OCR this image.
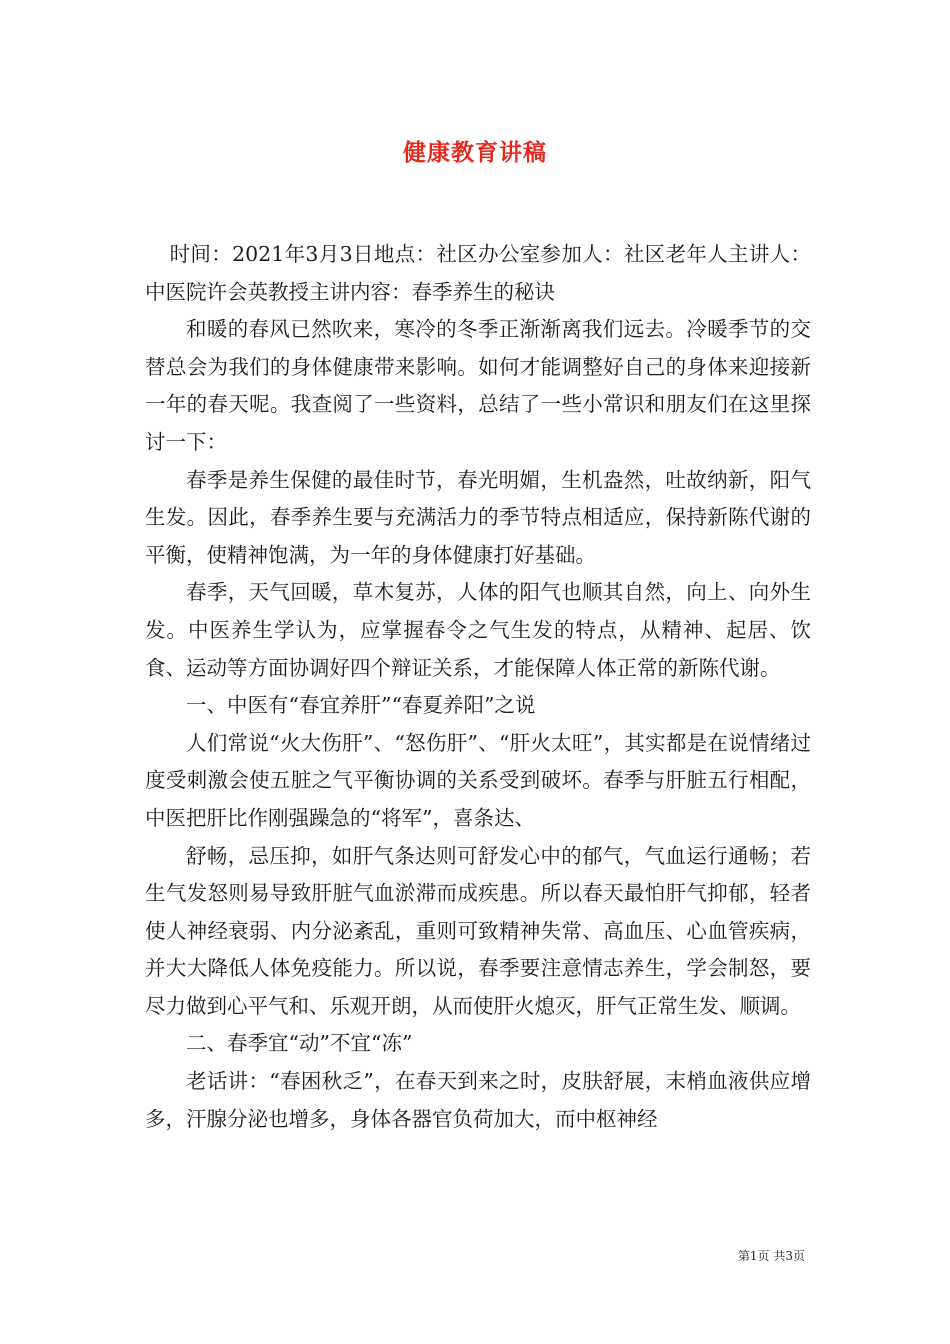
健康教育讲稿

时间：2021年3月3日地点：社区办公室参加人：社区老年人主讲人：中医院许会英教授主讲内容：春季养生的秘诀

和暖的春风已然吹来，寒冷的冬季正渐渐离我们远去。冷暖季节的交替总会为我们的身体健康带来影响。如何才能调整好自己的身体来迎接新一年的春天呢。我查阅了一些资料，总结了一些小常识和朋友们在这里探讨一下：

春季是养生保健的最佳时节，春光明媚，生机盎然，吐故纳新，阳气生发。因此，春季养生要与充满活力的季节特点相适应，保持新陈代谢的平衡，使精神饱满，为一年的身体健康打好基础。

春季，天气回暖，草木复苏，人体的阳气也顺其自然，向上、向外生发。中医养生学认为，应掌握春令之气生发的特点，从精神、起居、饮食、运动等方面协调好四个辩证关系，才能保障人体正常的新陈代谢。

一、中医有“春宜养肝”“春夏养阳”之说

人们常说“火大伤肝”、“怒伤肝”、“肝火太旺”，其实都是在说情绪过度受刺激会使五脏之气平衡协调的关系受到破坏。春季与肝脏五行相配，中医把肝比作刚强躁急的“将军”，喜条达、

舒畅，忌压抑，如肝气条达则可舒发心中的郁气，气血运行通畅；若生气发怒则易导致肝脏气血淤滞而成疾患。所以春天最怕肝气抑郁，轻者使人神经衰弱、内分泌紊乱，重则可致精神失常、高血压、心血管疾病，并大大降低人体免疫能力。所以说，春季要注意情志养生，学会制怒，要尽力做到心平气和、乐观开朗，从而使肝火熄灭，肝气正常生发、顺调。

二、春季宜“动”不宜“冻”

老话讲：“春困秋乏”，在春天到来之时，皮肤舒展，末梢血液供应增多，汗腺分泌也增多，身体各器官负荷加大，而中枢神经

第1页 共3页
